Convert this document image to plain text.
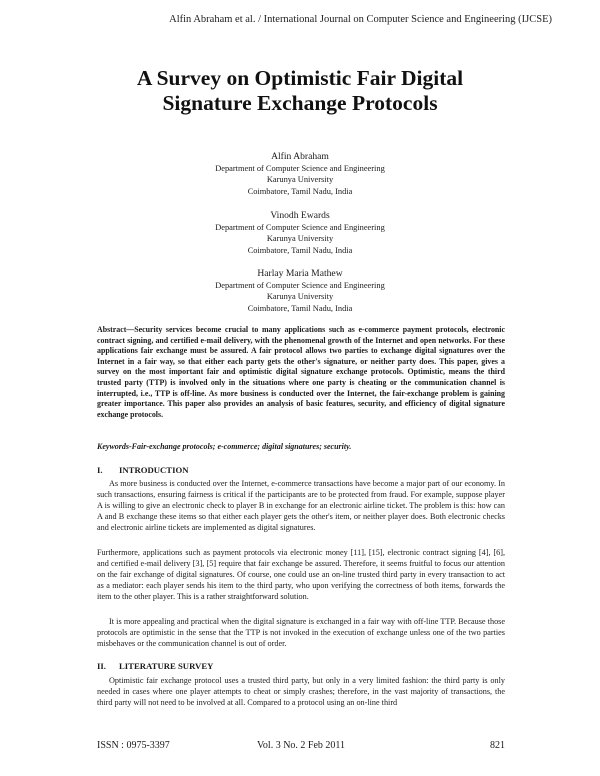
Alfin Abraham et al. / International Journal on Computer Science and Engineering (IJCSE)
A Survey on Optimistic Fair Digital
Signature Exchange Protocols
Alfin Abraham
Department of Computer Science and Engineering
Karunya University
Coimbatore, Tamil Nadu, India
Vinodh Ewards
Department of Computer Science and Engineering
Karunya University
Coimbatore, Tamil Nadu, India
Harlay Maria Mathew
Department of Computer Science and Engineering
Karunya University
Coimbatore, Tamil Nadu, India
Abstract—Security services become crucial to many applications such as e-commerce payment protocols, electronic contract signing, and certified e-mail delivery, with the phenomenal growth of the Internet and open networks. For these applications fair exchange must be assured. A fair protocol allows two parties to exchange digital signatures over the Internet in a fair way, so that either each party gets the other's signature, or neither party does. This paper, gives a survey on the most important fair and optimistic digital signature exchange protocols. Optimistic, means the third trusted party (TTP) is involved only in the situations where one party is cheating or the communication channel is interrupted, i.e., TTP is off-line. As more business is conducted over the Internet, the fair-exchange problem is gaining greater importance. This paper also provides an analysis of basic features, security, and efficiency of digital signature exchange protocols.
Keywords-Fair-exchange protocols; e-commerce; digital signatures; security.
I. INTRODUCTION

As more business is conducted over the Internet, e-commerce transactions have become a major part of our economy. In such transactions, ensuring fairness is critical if the participants are to be protected from fraud. For example, suppose player A is willing to give an electronic check to player B in exchange for an electronic airline ticket. The problem is this: how can A and B exchange these items so that either each player gets the other's item, or neither player does. Both electronic checks and electronic airline tickets are implemented as digital signatures.

Furthermore, applications such as payment protocols via electronic money [11], [15], electronic contract signing [4], [6], and certified e-mail delivery [3], [5] require that fair exchange be assured. Therefore, it seems fruitful to focus our attention on the fair exchange of digital signatures. Of course, one could use an on-line trusted third party in every transaction to act as a mediator: each player sends his item to the third party, who upon verifying the correctness of both items, forwards the item to the other player. This is a rather straightforward solution.

It is more appealing and practical when the digital signature is exchanged in a fair way with off-line TTP. Because those protocols are optimistic in the sense that the TTP is not invoked in the execution of exchange unless one of the two parties misbehaves or the communication channel is out of order.

II. LITERATURE SURVEY

Optimistic fair exchange protocol uses a trusted third party, but only in a very limited fashion: the third party is only needed in cases where one player attempts to cheat or simply crashes; therefore, in the vast majority of transactions, the third party will not need to be involved at all. Compared to a protocol using an on-line third

ISSN : 0975-3397	Vol. 3 No. 2 Feb 2011	821
